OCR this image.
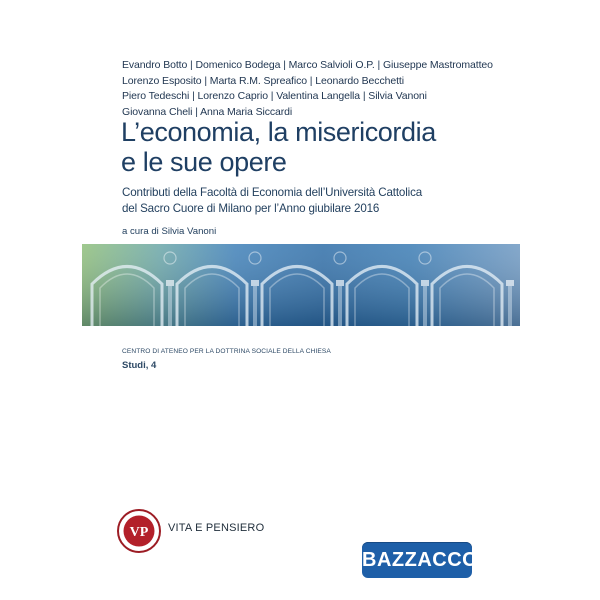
Evandro Botto | Domenico Bodega | Marco Salvioli O.P. | Giuseppe Mastromatteo
Lorenzo Esposito | Marta R.M. Spreafico | Leonardo Becchetti
Piero Tedeschi | Lorenzo Caprio | Valentina Langella | Silvia Vanoni
Giovanna Cheli | Anna Maria Siccardi
L’economia, la misericordia
e le sue opere
Contributi della Facoltà di Economia dell’Università Cattolica
del Sacro Cuore di Milano per l’Anno giubilare 2016
a cura di Silvia Vanoni
CENTRO DI ATENEO PER LA DOTTRINA SOCIALE DELLA CHIESA
Studi, 4
VP VITA E PENSIERO
BAZZACCO
